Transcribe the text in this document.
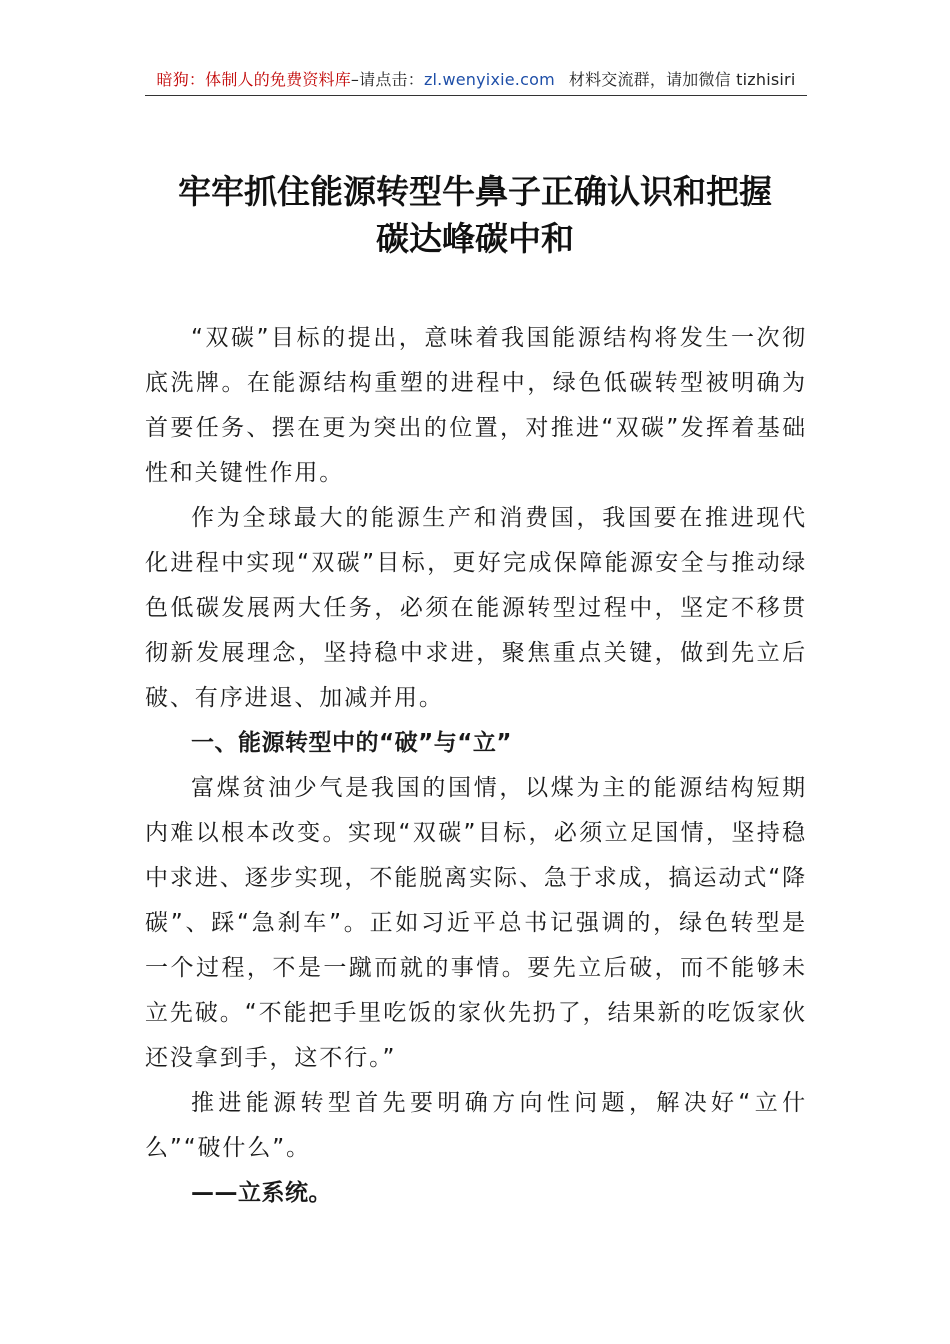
暗狗：体制人的免费资料库–请点击：zl.wenyixie.com 材料交流群，请加微信 tizhisiri
牢牢抓住能源转型牛鼻子正确认识和把握
碳达峰碳中和

“双碳”目标的提出，意味着我国能源结构将发生一次彻底洗牌。在能源结构重塑的进程中，绿色低碳转型被明确为首要任务、摆在更为突出的位置，对推进“双碳”发挥着基础性和关键性作用。

作为全球最大的能源生产和消费国，我国要在推进现代化进程中实现“双碳”目标，更好完成保障能源安全与推动绿色低碳发展两大任务，必须在能源转型过程中，坚定不移贯彻新发展理念，坚持稳中求进，聚焦重点关键，做到先立后破、有序进退、加减并用。

一、能源转型中的“破”与“立”

富煤贫油少气是我国的国情，以煤为主的能源结构短期内难以根本改变。实现“双碳”目标，必须立足国情，坚持稳中求进、逐步实现，不能脱离实际、急于求成，搞运动式“降碳”、踩“急刹车”。正如习近平总书记强调的，绿色转型是一个过程，不是一蹴而就的事情。要先立后破，而不能够未立先破。“不能把手里吃饭的家伙先扔了，结果新的吃饭家伙还没拿到手，这不行。”

推进能源转型首先要明确方向性问题，解决好“立什么”“破什么”。

——立系统。
